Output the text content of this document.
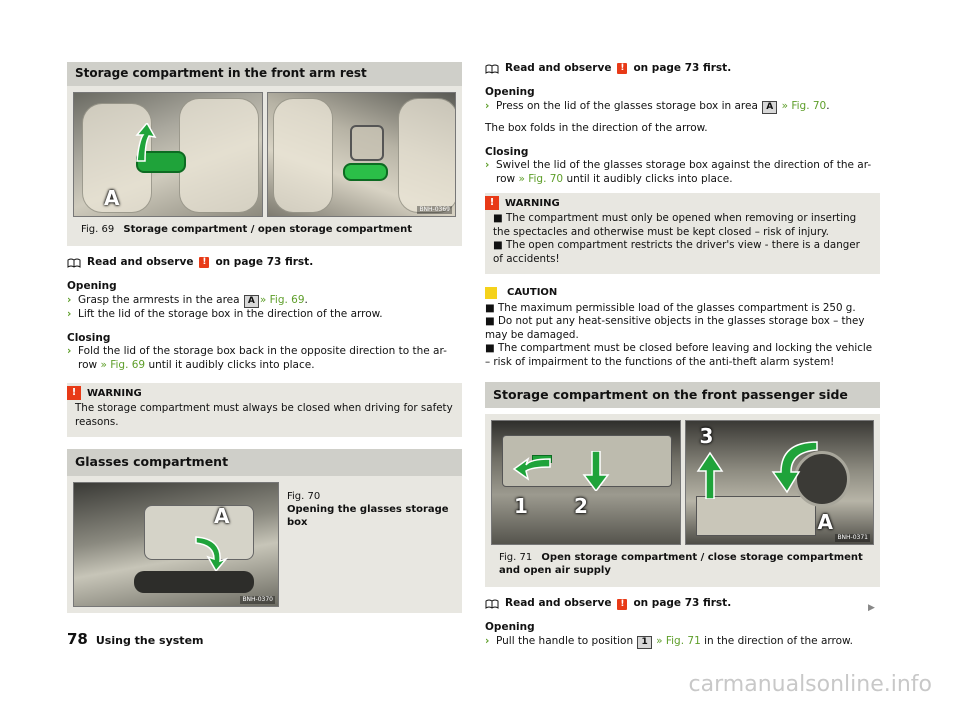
Storage compartment in the front arm rest
A	BNH-0369
Fig. 69 Storage compartment / open storage compartment
Read and observe ! on page 73 first.
Opening
› Grasp the armrests in the area A » Fig. 69.
› Lift the lid of the storage box in the direction of the arrow.
Closing
› Fold the lid of the storage box back in the opposite direction to the ar-row » Fig. 69 until it audibly clicks into place.
!	WARNING
The storage compartment must always be closed when driving for safety reasons.
Glasses compartment
A
BNH-0370
Fig. 70
Opening the glasses storage box
Read and observe ! on page 73 first.
Opening
› Press on the lid of the glasses storage box in area A » Fig. 70.
The box folds in the direction of the arrow.
Closing
› Swivel the lid of the glasses storage box against the direction of the ar-row » Fig. 70 until it audibly clicks into place.
!	WARNING
■ The compartment must only be opened when removing or inserting the spectacles and otherwise must be kept closed – risk of injury.
■ The open compartment restricts the driver's view - there is a danger of accidents!
CAUTION
■ The maximum permissible load of the glasses compartment is 250 g.
■ Do not put any heat-sensitive objects in the glasses storage box – they may be damaged.
■ The compartment must be closed before leaving and locking the vehicle – risk of impairment to the functions of the anti-theft alarm system!
Storage compartment on the front passenger side
1 2
3
A
BNH-0371
Fig. 71 Open storage compartment / close storage compartment and open air supply
Read and observe ! on page 73 first.
Opening
› Pull the handle to position 1 » Fig. 71 in the direction of the arrow.
▶
78 Using the system
carmanualsonline.info
